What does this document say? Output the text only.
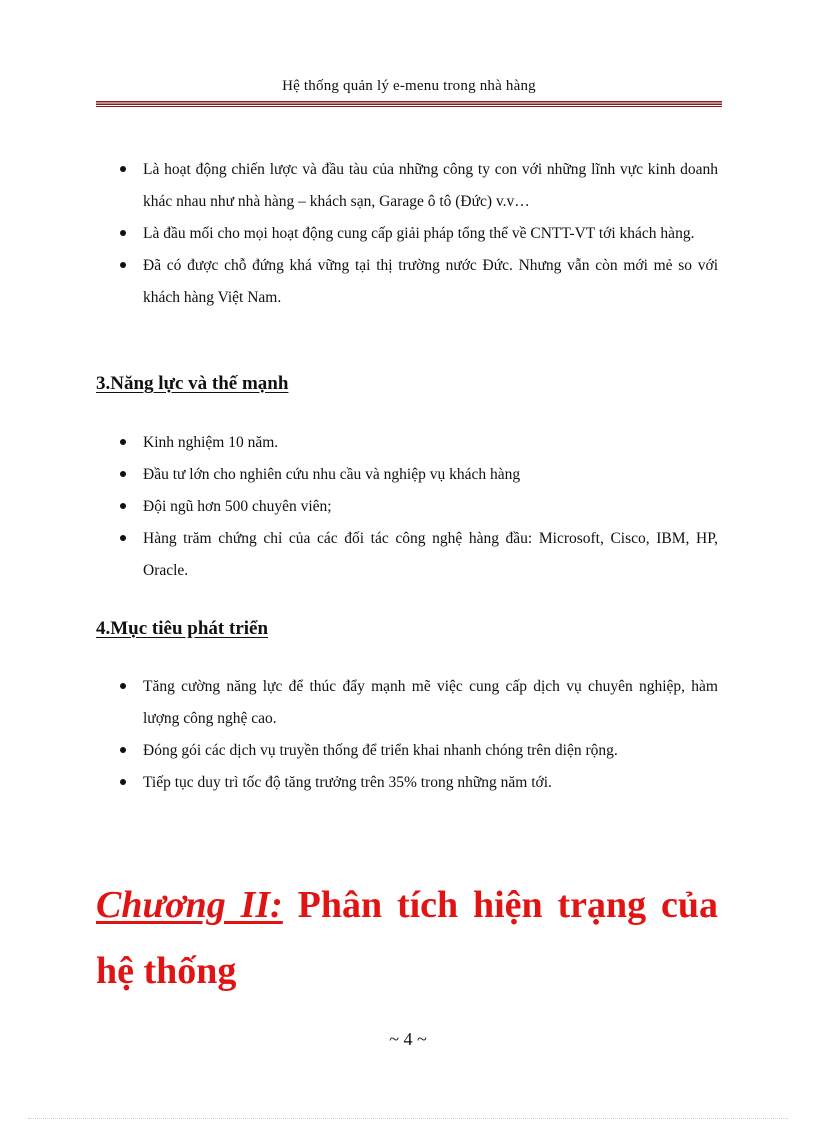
Hệ thống quản lý e-menu trong nhà hàng
Là hoạt động chiến lược và đầu tàu của những công ty con với những lĩnh vực kinh doanh khác nhau như nhà hàng – khách sạn, Garage ô tô (Đức) v.v…
Là đầu mối cho mọi hoạt động cung cấp giải pháp tổng thể về CNTT-VT tới khách hàng.
Đã có được chỗ đứng khá vững tại thị trường nước Đức. Nhưng vẫn còn mới mẻ so với khách hàng Việt Nam.
3.Năng lực và thế mạnh
Kinh nghiệm 10 năm.
Đầu tư lớn cho nghiên cứu nhu cầu và nghiệp vụ khách hàng
Đội ngũ hơn 500 chuyên viên;
Hàng trăm chứng chỉ của các đối tác công nghệ hàng đầu: Microsoft, Cisco, IBM, HP, Oracle.
4.Mục tiêu phát triển
Tăng cường năng lực để thúc đẩy mạnh mẽ việc cung cấp dịch vụ chuyên nghiệp, hàm lượng công nghệ cao.
Đóng gói các dịch vụ truyền thống để triển khai nhanh chóng trên diện rộng.
Tiếp tục duy trì tốc độ tăng trưởng trên 35% trong những năm tới.
Chương II: Phân tích hiện trạng của hệ thống
~ 4 ~
